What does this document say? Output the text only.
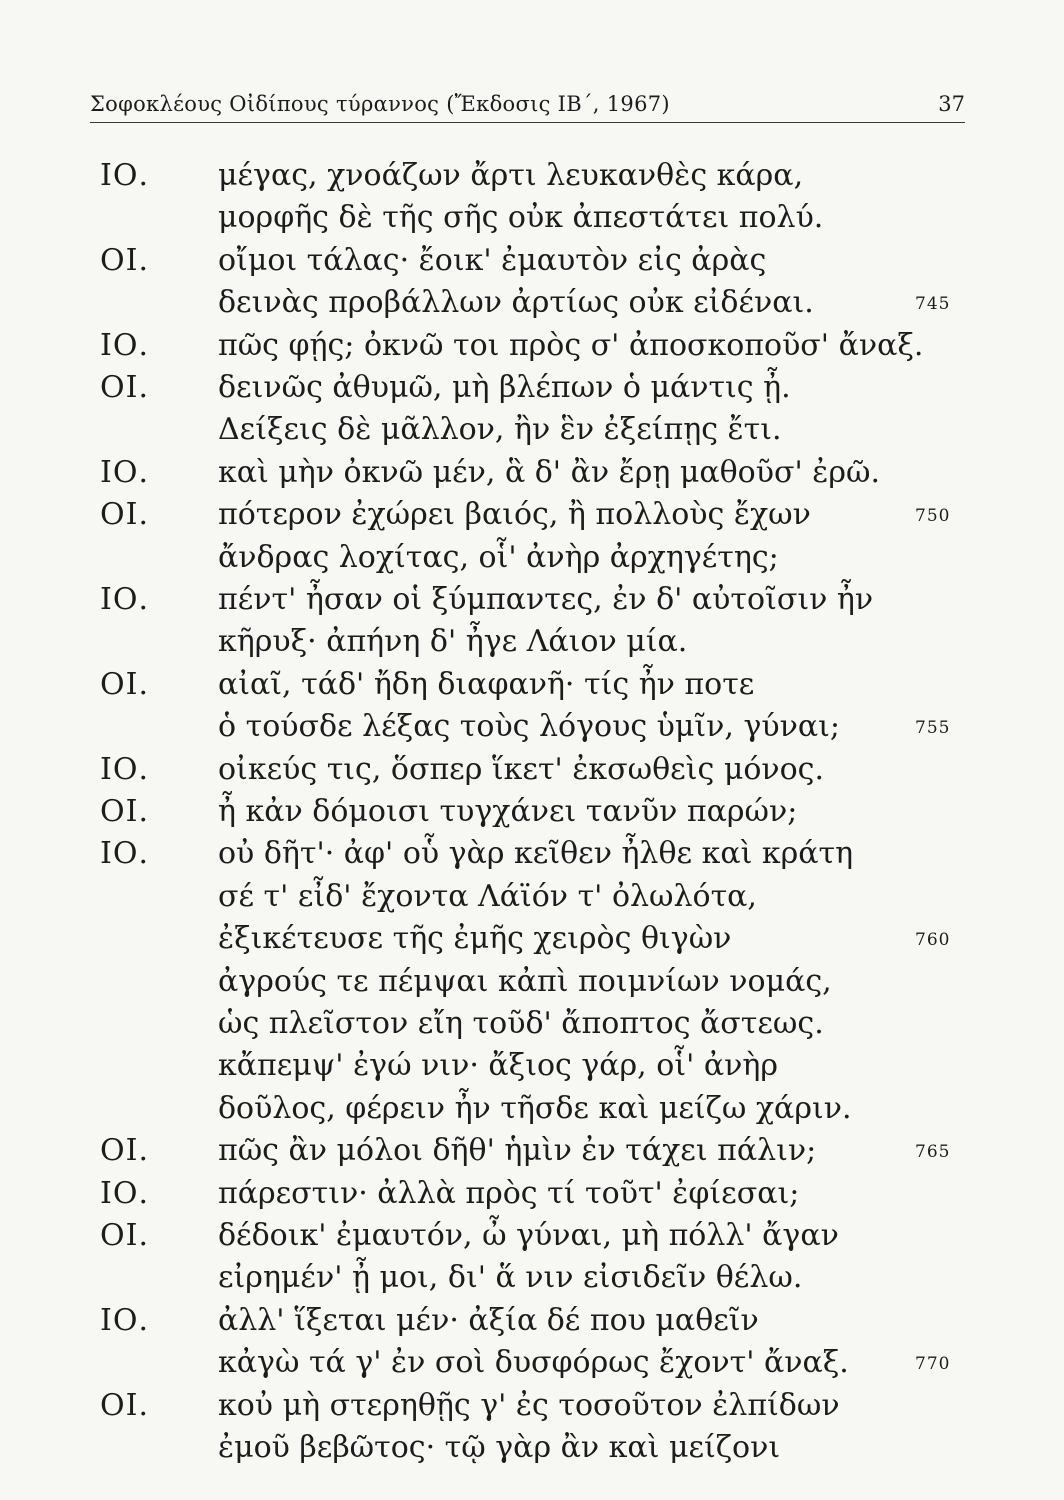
Σοφοκλέους Οἰδίπους τύραννος (Ἔκδοσις ΙΒ΄, 1967)	37
ΙΟ. μέγας, χνοάζων ἄρτι λευκανθὲς κάρα,
μορφῆς δὲ τῆς σῆς οὐκ ἀπεστάτει πολύ.
ΟΙ. οἴμοι τάλας· ἔοικ' ἐμαυτὸν εἰς ἀρὰς
δεινὰς προβάλλων ἀρτίως οὐκ εἰδέναι.	745
ΙΟ. πῶς φῄς; ὀκνῶ τοι πρὸς σ' ἀποσκοποῦσ' ἄναξ.
ΟΙ. δεινῶς ἀθυμῶ, μὴ βλέπων ὁ μάντις ᾖ.
Δείξεις δὲ μᾶλλον, ἢν ἓν ἐξείπῃς ἔτι.
ΙΟ. καὶ μὴν ὀκνῶ μέν, ἃ δ' ἂν ἔρῃ μαθοῦσ' ἐρῶ.
ΟΙ. πότερον ἐχώρει βαιός, ἢ πολλοὺς ἔχων	750
ἄνδρας λοχίτας, οἷ' ἀνὴρ ἀρχηγέτης;
ΙΟ. πέντ' ἦσαν οἱ ξύμπαντες, ἐν δ' αὐτοῖσιν ἦν
κῆρυξ· ἀπήνη δ' ἦγε Λάιον μία.
ΟΙ. αἰαῖ, τάδ' ἤδη διαφανῆ· τίς ἦν ποτε
ὁ τούσδε λέξας τοὺς λόγους ὑμῖν, γύναι;	755
ΙΟ. οἰκεύς τις, ὅσπερ ἵκετ' ἐκσωθεὶς μόνος.
ΟΙ. ἦ κἀν δόμοισι τυγχάνει τανῦν παρών;
ΙΟ. οὐ δῆτ'· ἀφ' οὗ γὰρ κεῖθεν ἦλθε καὶ κράτη
σέ τ' εἶδ' ἔχοντα Λάϊόν τ' ὀλωλότα,
ἐξικέτευσε τῆς ἐμῆς χειρὸς θιγὼν	760
ἀγρούς τε πέμψαι κἀπὶ ποιμνίων νομάς,
ὡς πλεῖστον εἴη τοῦδ' ἄποπτος ἄστεως.
κἄπεμψ' ἐγώ νιν· ἄξιος γάρ, οἷ' ἀνὴρ
δοῦλος, φέρειν ἦν τῆσδε καὶ μείζω χάριν.
ΟΙ. πῶς ἂν μόλοι δῆθ' ἡμὶν ἐν τάχει πάλιν;	765
ΙΟ. πάρεστιν· ἀλλὰ πρὸς τί τοῦτ' ἐφίεσαι;
ΟΙ. δέδοικ' ἐμαυτόν, ὦ γύναι, μὴ πόλλ' ἄγαν
εἰρημέν' ᾖ μοι, δι' ἅ νιν εἰσιδεῖν θέλω.
ΙΟ. ἀλλ' ἵξεται μέν· ἀξία δέ που μαθεῖν
κἀγὼ τά γ' ἐν σοὶ δυσφόρως ἔχοντ' ἄναξ.	770
ΟΙ. κοὐ μὴ στερηθῇς γ' ἐς τοσοῦτον ἐλπίδων
ἐμοῦ βεβῶτος· τῷ γὰρ ἂν καὶ μείζονι
